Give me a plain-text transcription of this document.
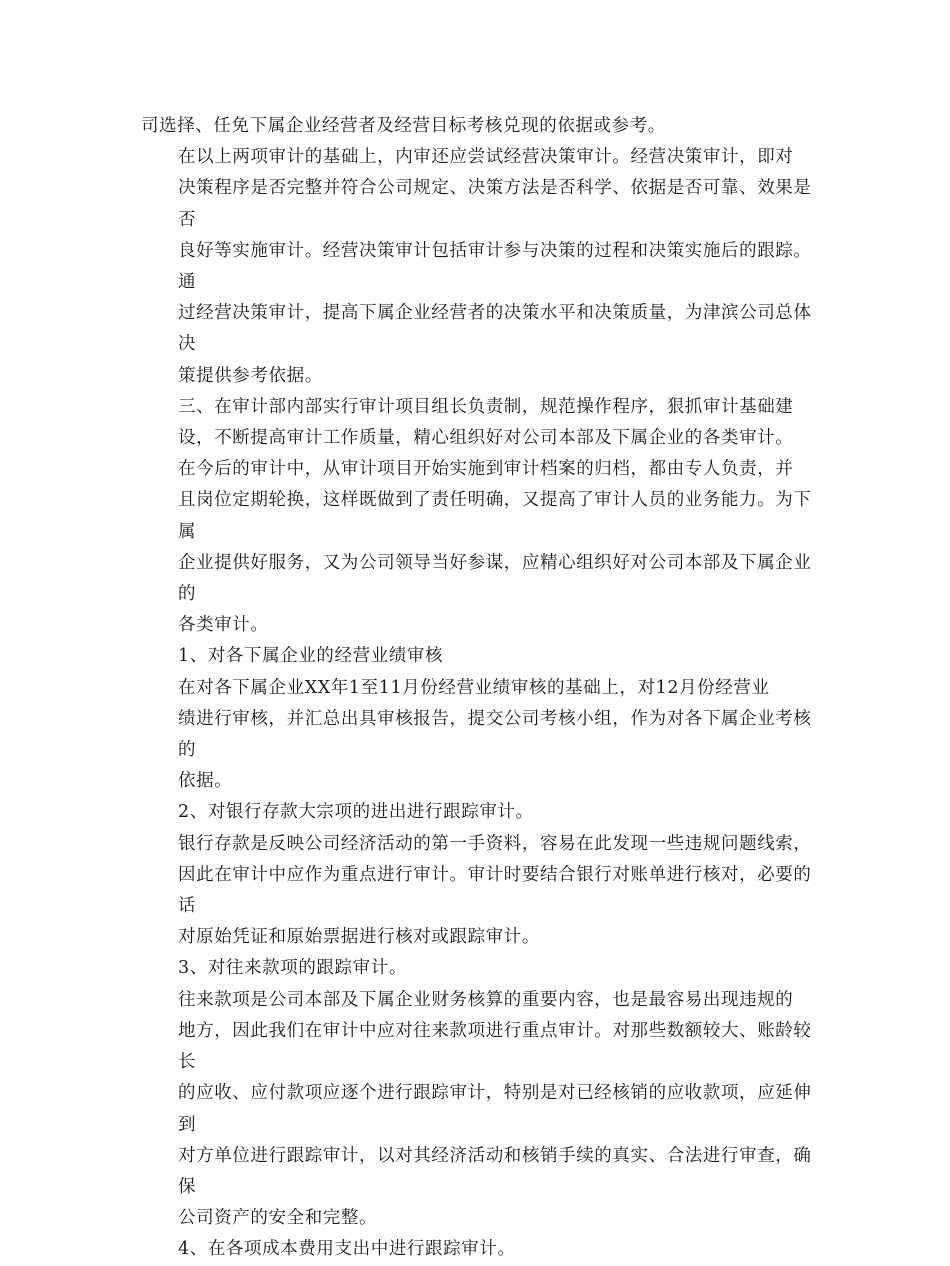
司选择、任免下属企业经营者及经营目标考核兑现的依据或参考。

在以上两项审计的基础上，内审还应尝试经营决策审计。经营决策审计，即对
决策程序是否完整并符合公司规定、决策方法是否科学、依据是否可靠、效果是否
良好等实施审计。经营决策审计包括审计参与决策的过程和决策实施后的跟踪。通
过经营决策审计，提高下属企业经营者的决策水平和决策质量，为津滨公司总体决
策提供参考依据。

三、在审计部内部实行审计项目组长负责制，规范操作程序，狠抓审计基础建
设，不断提高审计工作质量，精心组织好对公司本部及下属企业的各类审计。

在今后的审计中，从审计项目开始实施到审计档案的归档，都由专人负责，并
且岗位定期轮换，这样既做到了责任明确，又提高了审计人员的业务能力。为下属
企业提供好服务，又为公司领导当好参谋，应精心组织好对公司本部及下属企业的
各类审计。

1、对各下属企业的经营业绩审核

在对各下属企业XX年1至11月份经营业绩审核的基础上，对12月份经营业
绩进行审核，并汇总出具审核报告，提交公司考核小组，作为对各下属企业考核的
依据。

2、对银行存款大宗项的进出进行跟踪审计。

银行存款是反映公司经济活动的第一手资料，容易在此发现一些违规问题线索，
因此在审计中应作为重点进行审计。审计时要结合银行对账单进行核对，必要的话
对原始凭证和原始票据进行核对或跟踪审计。

3、对往来款项的跟踪审计。

往来款项是公司本部及下属企业财务核算的重要内容，也是最容易出现违规的
地方，因此我们在审计中应对往来款项进行重点审计。对那些数额较大、账龄较长
的应收、应付款项应逐个进行跟踪审计，特别是对已经核销的应收款项，应延伸到
对方单位进行跟踪审计，以对其经济活动和核销手续的真实、合法进行审查，确保
公司资产的安全和完整。

4、在各项成本费用支出中进行跟踪审计。
